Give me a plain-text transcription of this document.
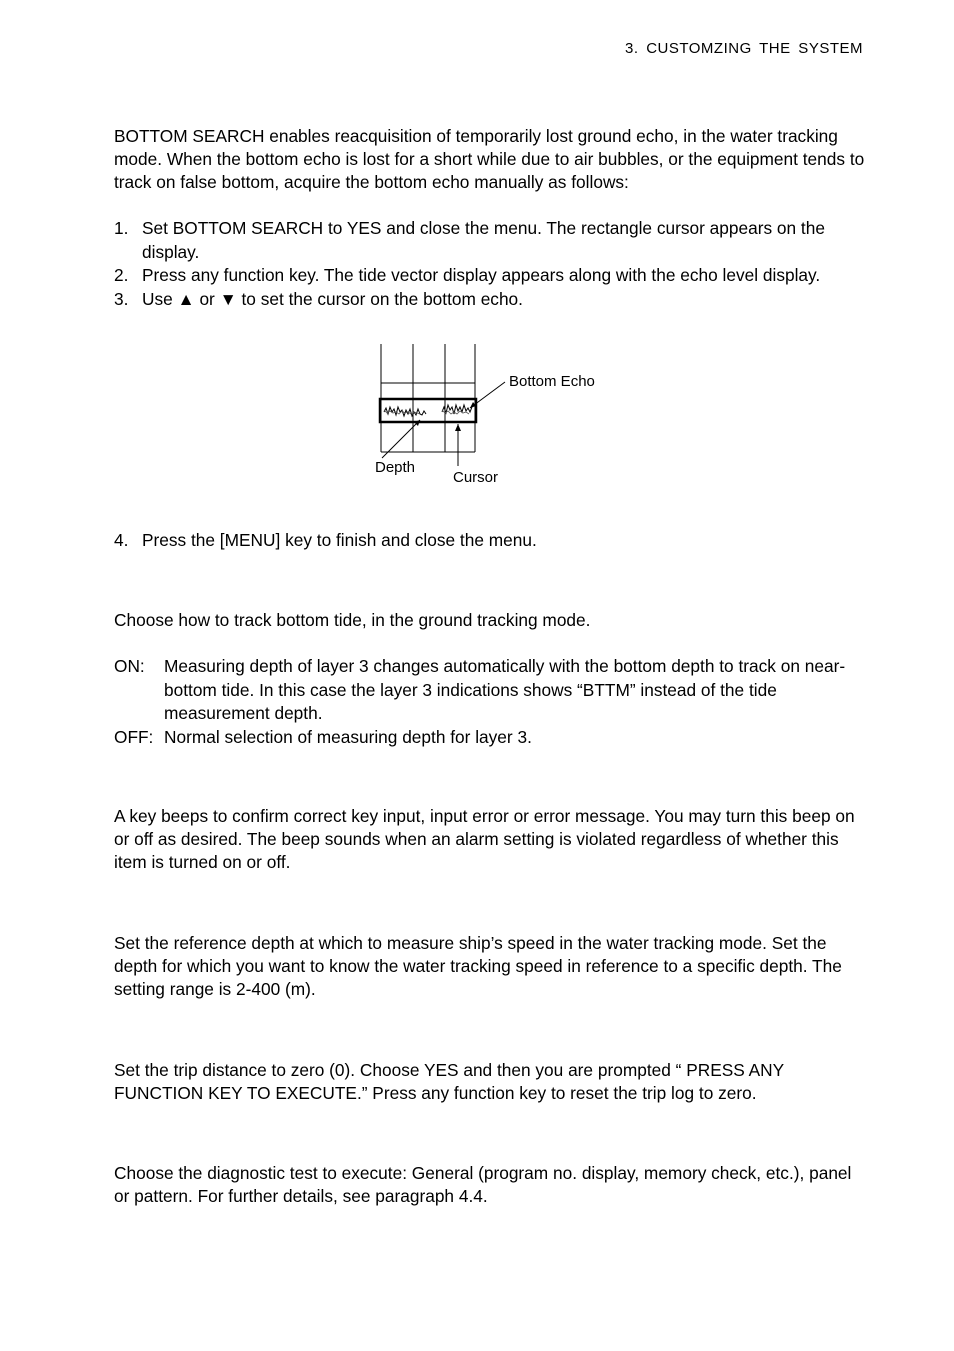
3. CUSTOMZING THE SYSTEM

BOTTOM SEARCH enables reacquisition of temporarily lost ground echo, in the water tracking mode. When the bottom echo is lost for a short while due to air bubbles, or the equipment tends to track on false bottom, acquire the bottom echo manually as follows:

1. Set BOTTOM SEARCH to YES and close the menu. The rectangle cursor appears on the display.
2. Press any function key. The tide vector display appears along with the echo level display.
3. Use ▲ or ▼ to set the cursor on the bottom echo.
Bottom Echo
Depth
Cursor
4. Press the [MENU] key to finish and close the menu.

Choose how to track bottom tide, in the ground tracking mode.

ON: Measuring depth of layer 3 changes automatically with the bottom depth to track on near-bottom tide. In this case the layer 3 indications shows “BTTM” instead of the tide measurement depth.
OFF: Normal selection of measuring depth for layer 3.

A key beeps to confirm correct key input, input error or error message. You may turn this beep on or off as desired. The beep sounds when an alarm setting is violated regardless of whether this item is turned on or off.

Set the reference depth at which to measure ship’s speed in the water tracking mode. Set the depth for which you want to know the water tracking speed in reference to a specific depth. The setting range is 2-400 (m).

Set the trip distance to zero (0). Choose YES and then you are prompted “ PRESS ANY FUNCTION KEY TO EXECUTE.” Press any function key to reset the trip log to zero.

Choose the diagnostic test to execute: General (program no. display, memory check, etc.), panel or pattern. For further details, see paragraph 4.4.
